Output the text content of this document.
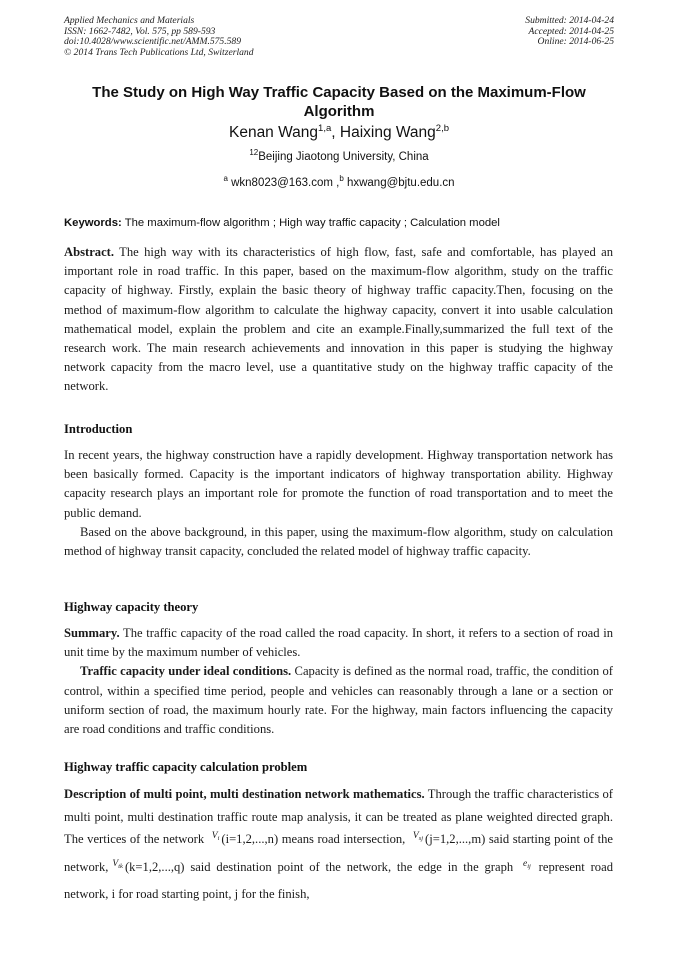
Applied Mechanics and Materials
ISSN: 1662-7482, Vol. 575, pp 589-593
doi:10.4028/www.scientific.net/AMM.575.589
© 2014 Trans Tech Publications Ltd, Switzerland
Submitted: 2014-04-24
Accepted: 2014-04-25
Online: 2014-06-25
The Study on High Way Traffic Capacity Based on the Maximum-Flow Algorithm
Kenan Wang$^{1,a}$, Haixing Wang$^{2,b}$
$^{12}$Beijing Jiaotong University, China
$^a$ wkn8023@163.com ,$^b$ hxwang@bjtu.edu.cn
Keywords: The maximum-flow algorithm ; High way traffic capacity ; Calculation model

Abstract. The high way with its characteristics of high flow, fast, safe and comfortable, has played an important role in road traffic. In this paper, based on the maximum-flow algorithm, study on the traffic capacity of highway. Firstly, explain the basic theory of highway traffic capacity.Then, focusing on the method of maximum-flow algorithm to calculate the highway capacity, convert it into usable calculation mathematical model, explain the problem and cite an example.Finally,summarized the full text of the research work. The main research achievements and innovation in this paper is studying the highway network capacity from the macro level, use a quantitative study on the highway traffic capacity of the network.

Introduction

In recent years, the highway construction have a rapidly development. Highway transportation network has been basically formed. Capacity is the important indicators of highway transportation ability. Highway capacity research plays an important role for promote the function of road transportation and to meet the public demand.

Based on the above background, in this paper, using the maximum-flow algorithm, study on calculation method of highway transit capacity, concluded the related model of highway traffic capacity.

Highway capacity theory

Summary. The traffic capacity of the road called the road capacity. In short, it refers to a section of road in unit time by the maximum number of vehicles.

Traffic capacity under ideal conditions. Capacity is defined as the normal road, traffic, the condition of control, within a specified time period, people and vehicles can reasonably through a lane or a section or uniform section of road, the maximum hourly rate. For the highway, main factors influencing the capacity are road conditions and traffic conditions.

Highway traffic capacity calculation problem

Description of multi point, multi destination network mathematics. Through the traffic characteristics of multi point, multi destination traffic route map analysis, it can be treated as plane weighted directed graph. The vertices of the network $^{V_i}$ (i=1,2,...,n) means road intersection, $^{V_{sj}}$ (j=1,2,...,m) said starting point of the network, $^{V_{tk}}$ (k=1,2,...,q) said destination point of the network, the edge in the graph $^{e_{ij}}$ represent road network, i for road starting point, j for the finish,
